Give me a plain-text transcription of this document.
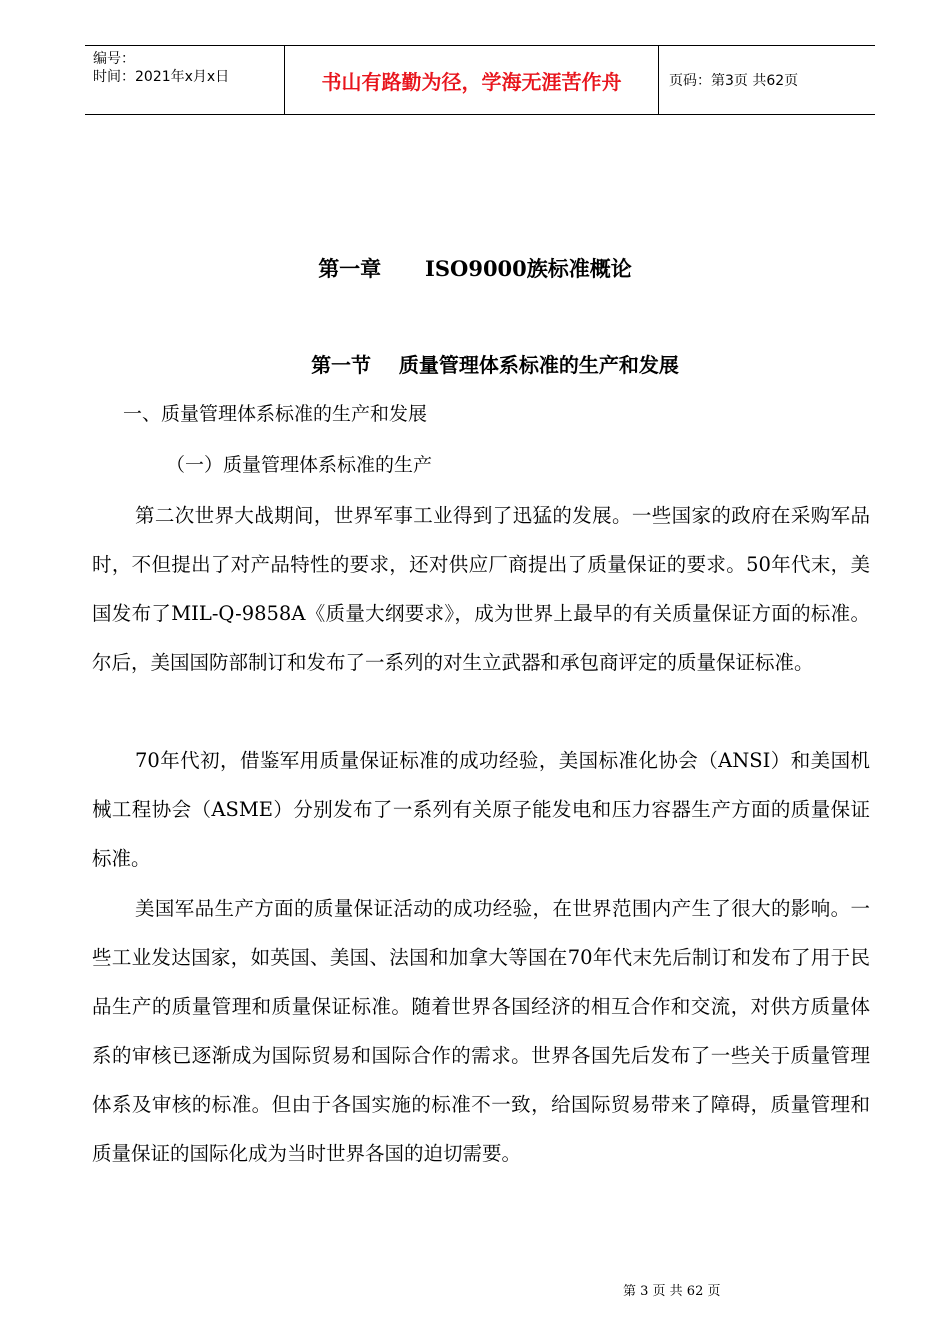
编号：
时间：2021年x月x日	书山有路勤为径，学海无涯苦作舟	页码：第3页 共62页
第一章      ISO9000族标准概论
第一节    质量管理体系标准的生产和发展
一、质量管理体系标准的生产和发展
（一）质量管理体系标准的生产

第二次世界大战期间，世界军事工业得到了迅猛的发展。一些国家的政府在采购军品时，不但提出了对产品特性的要求，还对供应厂商提出了质量保证的要求。50年代末，美国发布了MIL-Q-9858A《质量大纲要求》，成为世界上最早的有关质量保证方面的标准。尔后，美国国防部制订和发布了一系列的对生立武器和承包商评定的质量保证标准。

70年代初，借鉴军用质量保证标准的成功经验，美国标准化协会（ANSI）和美国机械工程协会（ASME）分别发布了一系列有关原子能发电和压力容器生产方面的质量保证标准。

美国军品生产方面的质量保证活动的成功经验，在世界范围内产生了很大的影响。一些工业发达国家，如英国、美国、法国和加拿大等国在70年代末先后制订和发布了用于民品生产的质量管理和质量保证标准。随着世界各国经济的相互合作和交流，对供方质量体系的审核已逐渐成为国际贸易和国际合作的需求。世界各国先后发布了一些关于质量管理体系及审核的标准。但由于各国实施的标准不一致，给国际贸易带来了障碍，质量管理和质量保证的国际化成为当时世界各国的迫切需要。

第 3 页 共 62 页
